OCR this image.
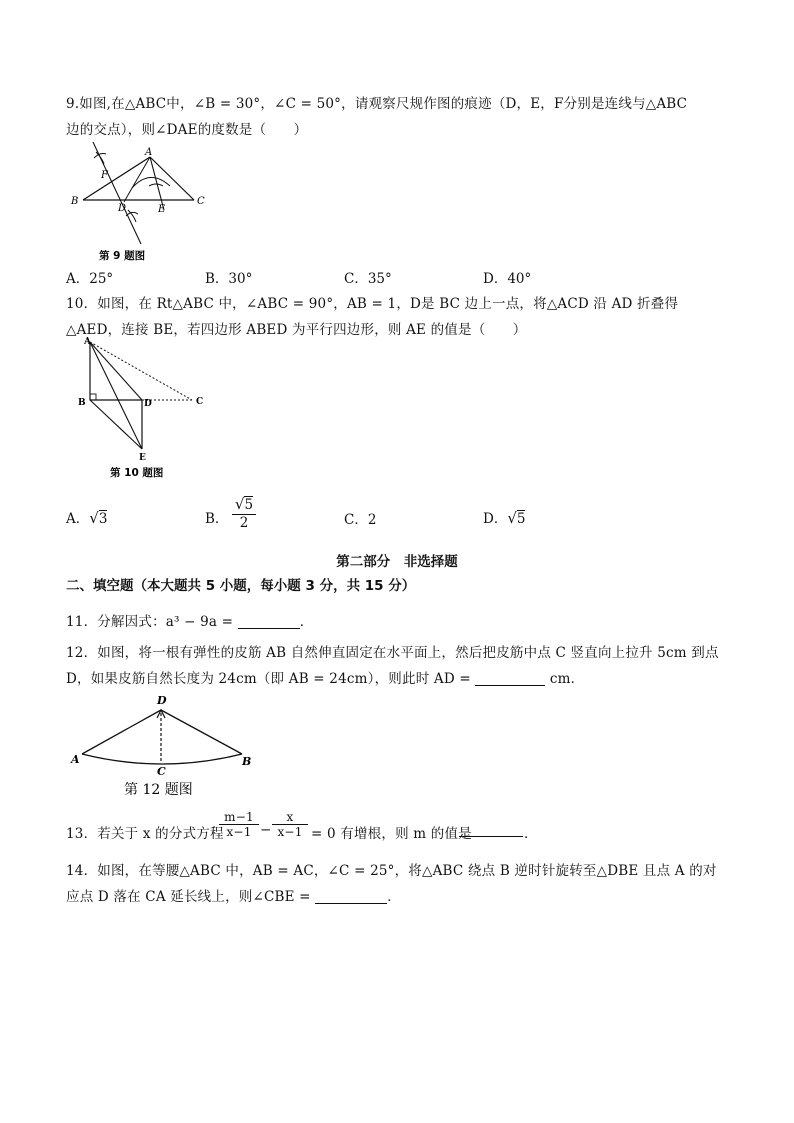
9.如图,在△ABC中，∠B = 30°，∠C = 50°，请观察尺规作图的痕迹（D，E，F分别是连线与△ABC
边的交点），则∠DAE的度数是（　　）
A
B	C
D	E
F
第 9 题图
A．25°	B．30°	C．35°	D．40°
10．如图，在 Rt△ABC 中，∠ABC = 90°，AB = 1，D是 BC 边上一点，将△ACD 沿 AD 折叠得
△AED，连接 BE，若四边形 ABED 为平行四边形，则 AE 的值是（　　）
A
B	C
D
E
第 10 题图
A．√3	B．
√5
2	C．2	D．√5
第二部分　非选择题
二、填空题（本大题共 5 小题，每小题 3 分，共 15 分）
11．分解因式：a³ − 9a =	．
12．如图，将一根有弹性的皮筋 AB 自然伸直固定在水平面上，然后把皮筋中点 C 竖直向上拉升 5cm 到点
D，如果皮筋自然长度为 24cm（即 AB = 24cm），则此时 AD =	cm．
D
A	B
C
第 12 题图
13．若关于 x 的分式方程
$\frac{m-1}{x-1} - \frac{x}{x-1} = 0$ 有增根，则 m 的值是	．
14．如图，在等腰△ABC 中，AB = AC，∠C = 25°，将△ABC 绕点 B 逆时针旋转至△DBE 且点 A 的对
应点 D 落在 CA 延长线上，则∠CBE =	．
